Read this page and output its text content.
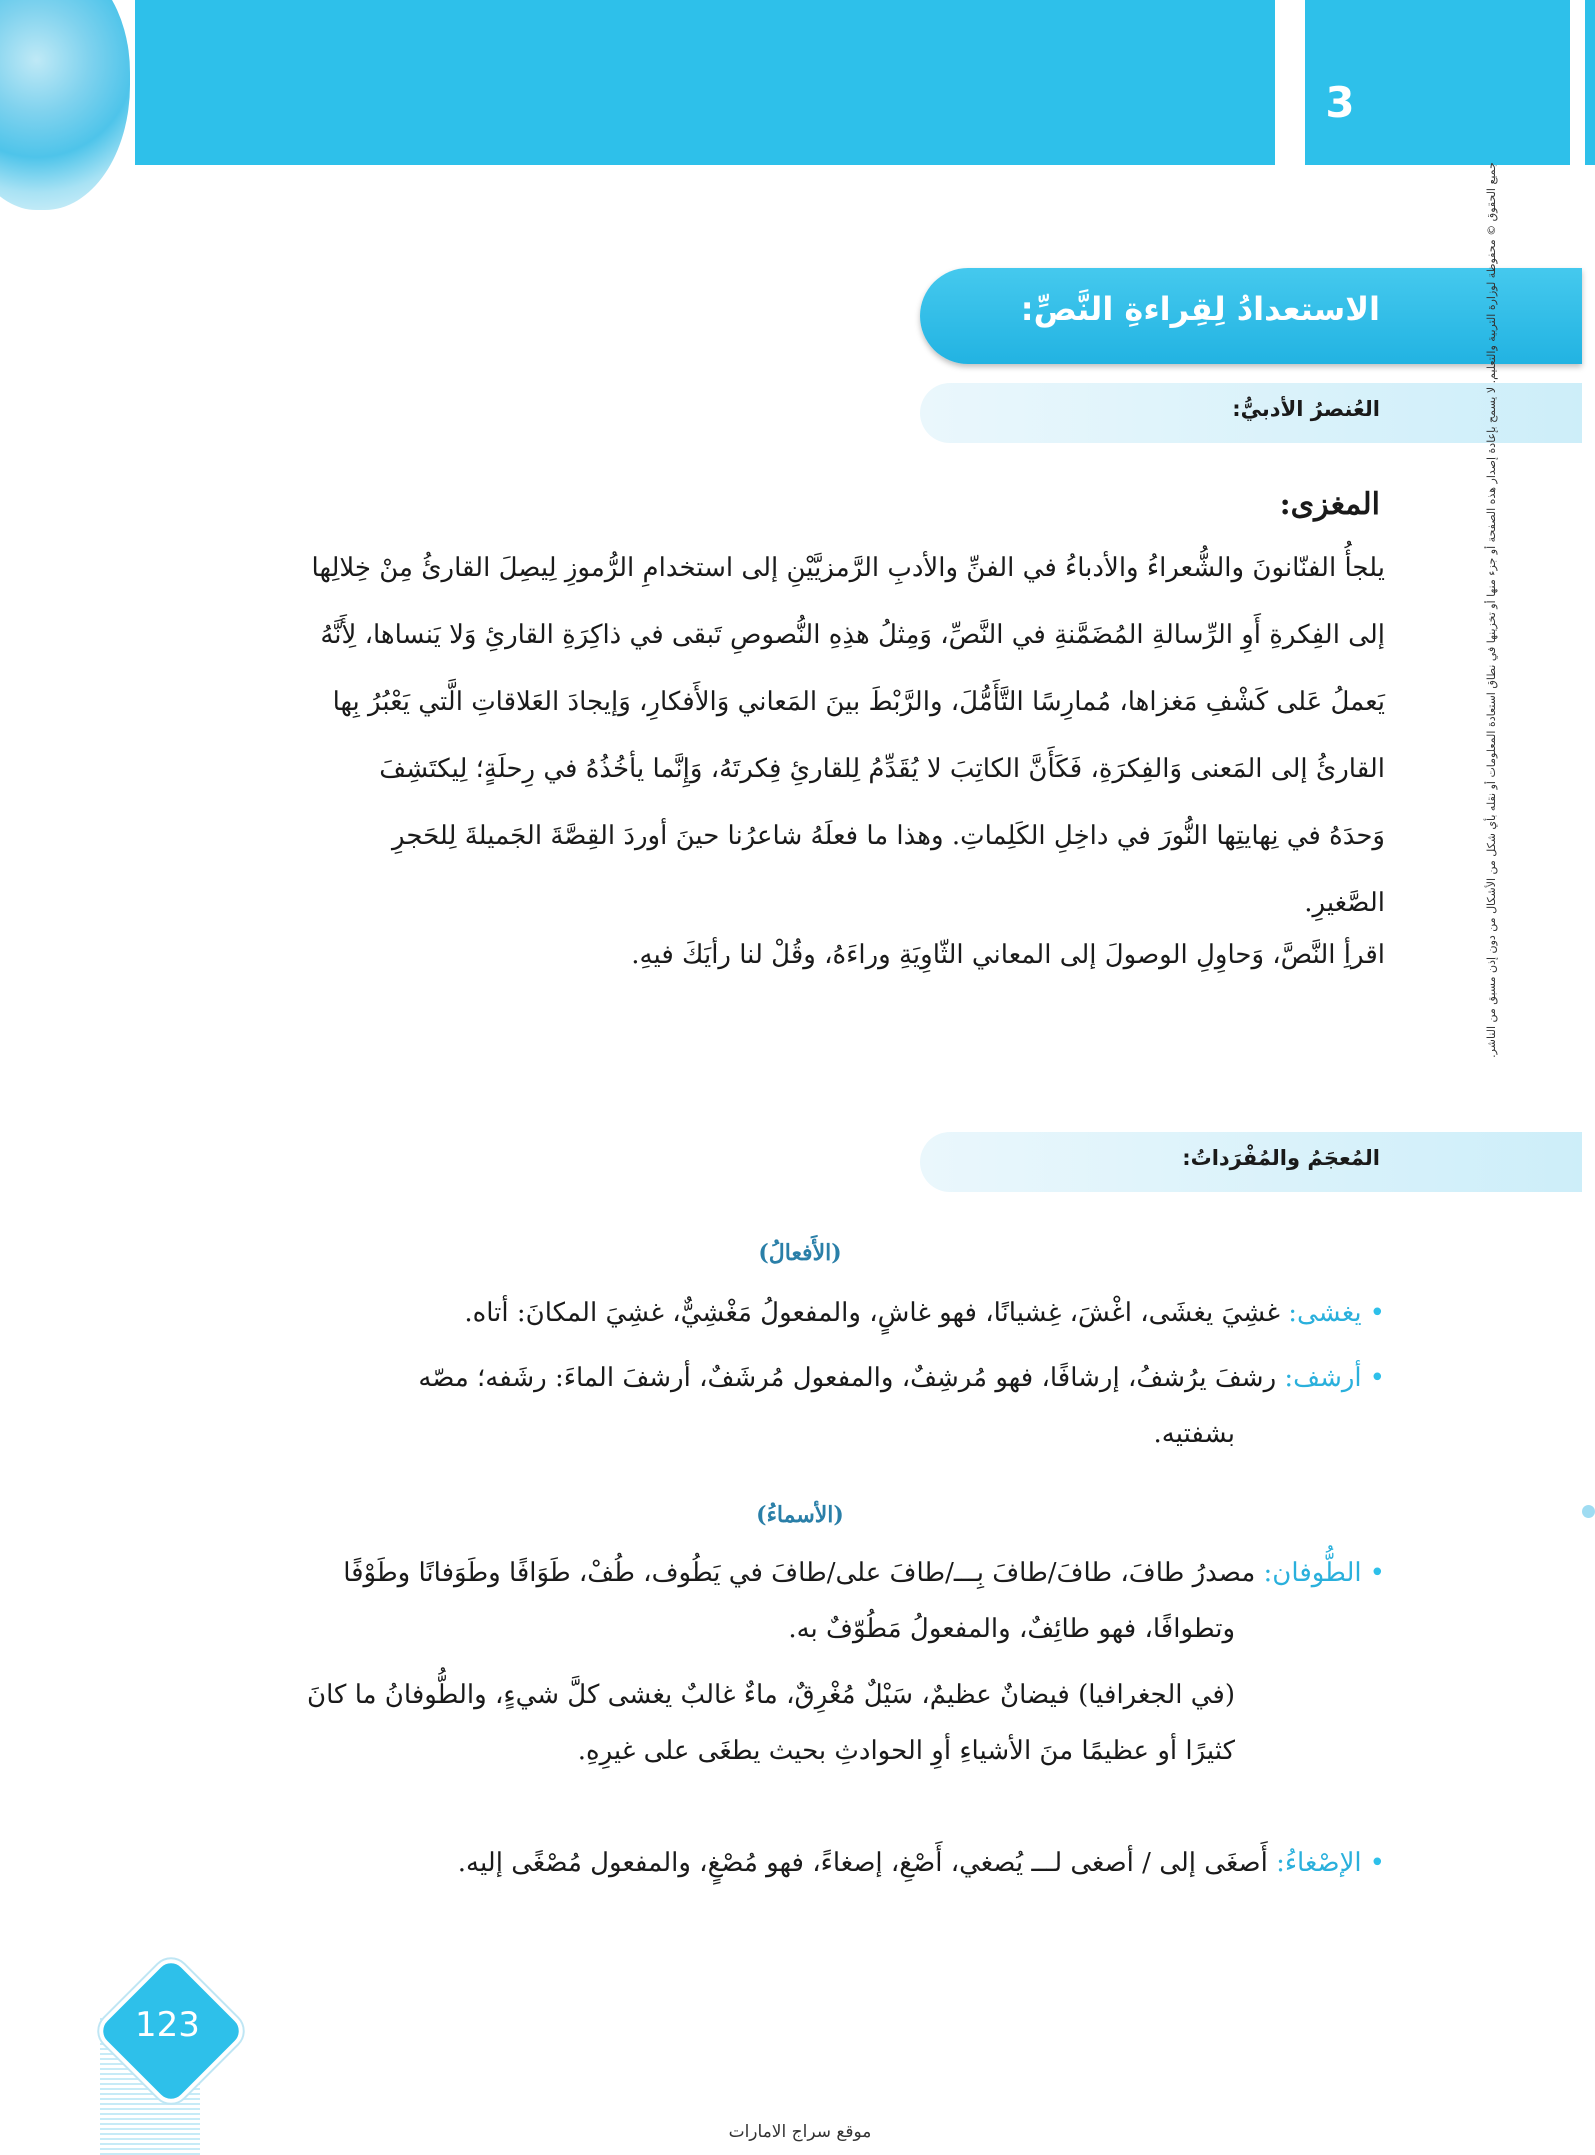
3
الاستعدادُ لِقِراءةِ النَّصِّ:
العُنصرُ الأدبيُّ:
المغزى:
يلجأُ الفنّانونَ والشُّعراءُ والأدباءُ في الفنِّ والأدبِ الرَّمزيَّيْنِ إلى استخدامِ الرُّموزِ لِيصِلَ القارئُ مِنْ خِلالِها
إلى الفِكرةِ أَوِ الرِّسالةِ المُضَمَّنةِ في النَّصِّ، وَمِثلُ هذِهِ النُّصوصِ تَبقى في ذاكِرَةِ القارئِ وَلا يَنساها، لِأَنَّهُ
يَعملُ عَلى كَشْفِ مَغزاها، مُمارِسًا التَّأَمُّلَ، والرَّبْطَ بينَ المَعاني وَالأَفكارِ، وَإيجادَ العَلاقاتِ الَّتي يَعْبُرُ بِها
القارئُ إلى المَعنى وَالفِكرَةِ، فَكَأَنَّ الكاتِبَ لا يُقَدِّمُ لِلقارئِ فِكرتَهُ، وَإِنَّما يأخُذُهُ في رِحلَةٍ؛ لِيكتَشِفَ
وَحدَهُ في نِهايتِها النُّورَ في داخِلِ الكَلِماتِ. وهذا ما فعلَهُ شاعرُنا حينَ أوردَ القِصَّةَ الجَميلةَ لِلحَجرِ
الصَّغيرِ.
اقرأِ النَّصَّ، وَحاوِلِ الوصولَ إلى المعاني الثّاوِيَةِ وراءَهُ، وقُلْ لنا رأيَكَ فيهِ.
المُعجَمُ والمُفْرَداتُ:
(الأَفعالُ)
•يغشى: غشِيَ يغشَى، اغْشَ، غِشيانًا، فهو غاشٍ، والمفعولُ مَغْشِيٌّ، غشِيَ المكانَ: أتاه.
•أرشف: رشفَ يرُشفُ، إرشافًا، فهو مُرشِفٌ، والمفعول مُرشَفٌ، أرشفَ الماءَ: رشَفه؛ مصّه
بشفتيه.
(الأسماءُ)
•الطُّوفان: مصدرُ طافَ، طافَ/طافَ بِـــ/طافَ على/طافَ في يَطُوف، طُفْ، طَوَافًا وطَوَفانًا وطَوْفًا
وتطوافًا، فهو طائِفٌ، والمفعولُ مَطُوّفٌ به.
(في الجغرافيا) فيضانٌ عظيمٌ، سَيْلٌ مُغْرِقٌ، ماءٌ غالبٌ يغشى كلَّ شيءٍ، والطُّوفانُ ما كانَ
كثيرًا أو عظيمًا منَ الأشياءِ أوِ الحوادثِ بحيث يطغَى على غيرِهِ.
•الإصْغاءُ: أَصغَى إلى / أصغى لـــ يُصغي، أَصْغِ، إصغاءً، فهو مُصْغٍ، والمفعول مُصْغًى إليه.
جميع الحقوق © محفوظة لوزارة التربية والتعليم. لا يسمح بإعادة إصدار هذه الصفحة أو جزء منها أو تخزينها في نطاق استعادة المعلومات أو نقله بأي شكل من الأشكال من دون إذن مسبق من الناشر.
123
موقع سراج الامارات
